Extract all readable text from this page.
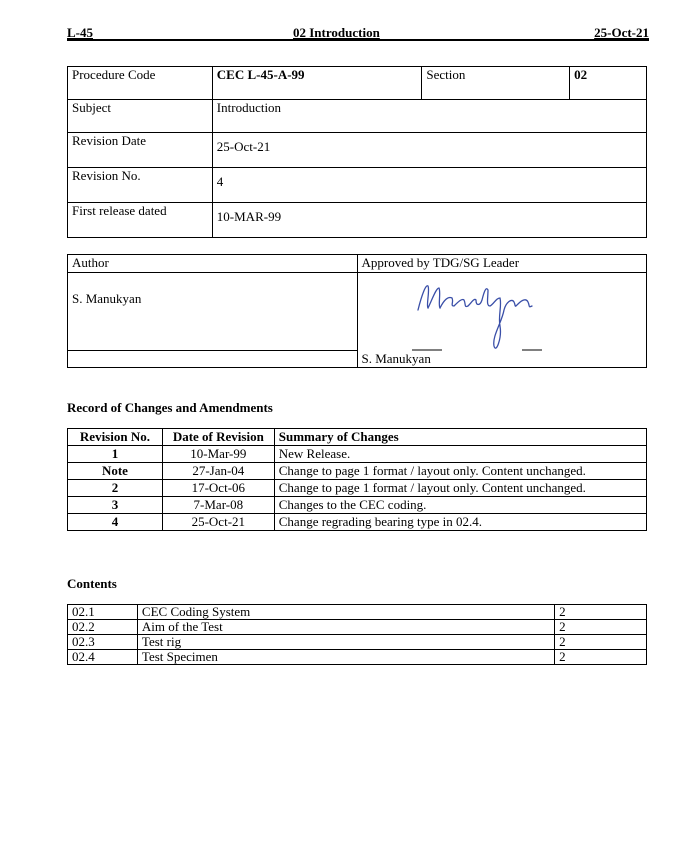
L-45	02 Introduction	25-Oct-21
Procedure Code	CEC L-45-A-99	Section	02
Subject	Introduction		
Revision Date	25-Oct-21		
Revision No.	4		
First release dated	10-MAR-99		
Author	Approved by TDG/SG Leader
S. Manukyan	
	S. Manukyan
Record of Changes and Amendments
Revision No.	Date of Revision	Summary of Changes
1	10-Mar-99	New Release.
Note	27-Jan-04	Change to page 1 format / layout only. Content unchanged.
2	17-Oct-06	Change to page 1 format / layout only. Content unchanged.
3	7-Mar-08	Changes to the CEC coding.
4	25-Oct-21	Change regrading bearing type in 02.4.
Contents
02.1	CEC Coding System	2
02.2	Aim of the Test	2
02.3	Test rig	2
02.4	Test Specimen	2
